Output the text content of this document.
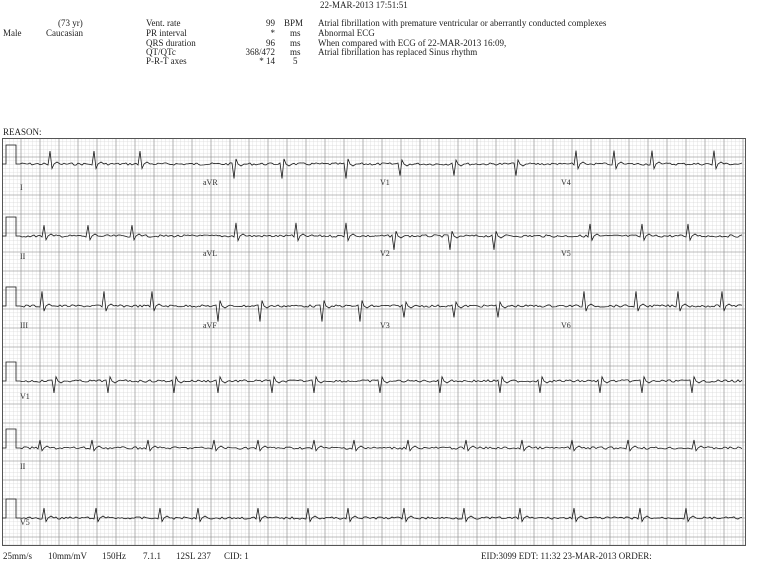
22-MAR-2013 17:51:51
(73 yr)
Male	Caucasian
Vent. rate	99 BPM
PR interval	* ms
QRS duration	96 ms
QT/QTc	368/472 ms
P-R-T axes	* 14 5
Atrial fibrillation with premature ventricular or aberrantly conducted complexes
Abnormal ECG
When compared with ECG of 22-MAR-2013 16:09,
Atrial fibrillation has replaced Sinus rhythm
REASON:
I
aVR	V1	V4
II	aVL	V2	V5
III	aVF	V3	V6
V1
II
V5
25mm/s 10mm/mV 150Hz 7.1.1 12SL 237 CID: 1	EID:3099 EDT: 11:32 23-MAR-2013 ORDER:
